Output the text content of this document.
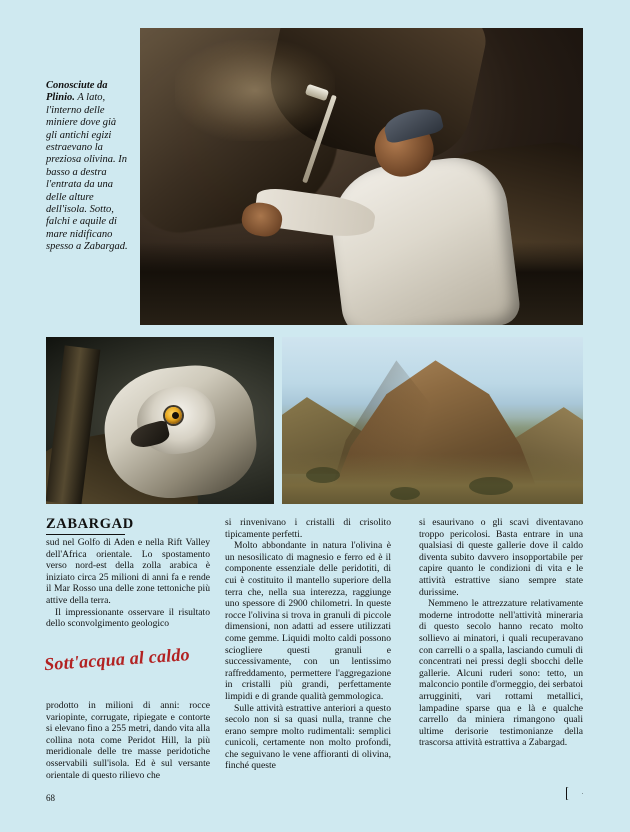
Conosciute da Plinio. A lato, l'interno delle miniere dove già gli antichi egizi estraevano la preziosa olivina. In basso a destra l'entrata da una delle alture dell'isola. Sotto, falchi e aquile di mare nidificano spesso a Zabargad.
ZABARGAD

sud nel Golfo di Aden e nella Rift Valley dell'Africa orientale. Lo spostamento verso nord-est della zolla arabica è iniziato circa 25 milioni di anni fa e rende il Mar Rosso una delle zone tettoniche più attive della terra.

Il impressionante osservare il risultato dello sconvolgimento geologico

Sott'acqua al caldo

prodotto in milioni di anni: rocce variopinte, corrugate, ripiegate e contorte si elevano fino a 255 metri, dando vita alla collina nota come Peridot Hill, la più meridionale delle tre masse peridotiche osservabili sull'isola. Ed è sul versante orientale di questo rilievo che

si rinvenivano i cristalli di crisolito tipicamente perfetti.

Molto abbondante in natura l'olivina è un nesosilicato di magnesio e ferro ed è il componente essenziale delle peridotiti, di cui è costituito il mantello superiore della terra che, nella sua interezza, raggiunge uno spessore di 2900 chilometri. In queste rocce l'olivina si trova in granuli di piccole dimensioni, non adatti ad essere utilizzati come gemme. Liquidi molto caldi possono sciogliere questi granuli e successivamente, con un lentissimo raffreddamento, permettere l'aggregazione in cristalli più grandi, perfettamente limpidi e di grande qualità gemmologica.

Sulle attività estrattive anteriori a questo secolo non si sa quasi nulla, tranne che erano sempre molto rudimentali: semplici cunicoli, certamente non molto profondi, che seguivano le vene affioranti di olivina, finché queste

si esaurivano o gli scavi diventavano troppo pericolosi. Basta entrare in una qualsiasi di queste gallerie dove il caldo diventa subito davvero insopportabile per capire quanto le condizioni di vita e le attività estrattive siano sempre state durissime.

Nemmeno le attrezzature relativamente moderne introdotte nell'attività mineraria di questo secolo hanno recato molto sollievo ai minatori, i quali recuperavano con carrelli o a spalla, lasciando cumuli di concentrati nei pressi degli sbocchi delle gallerie. Alcuni ruderi sono: tetto, un malconcio pontile d'ormeggio, dei serbatoi arrugginiti, vari rottami metallici, lampadine sparse qua e là e qualche carrello da miniera rimangono quali ultime derisorie testimonianze della trascorsa attività estrattiva a Zabargad.

68
